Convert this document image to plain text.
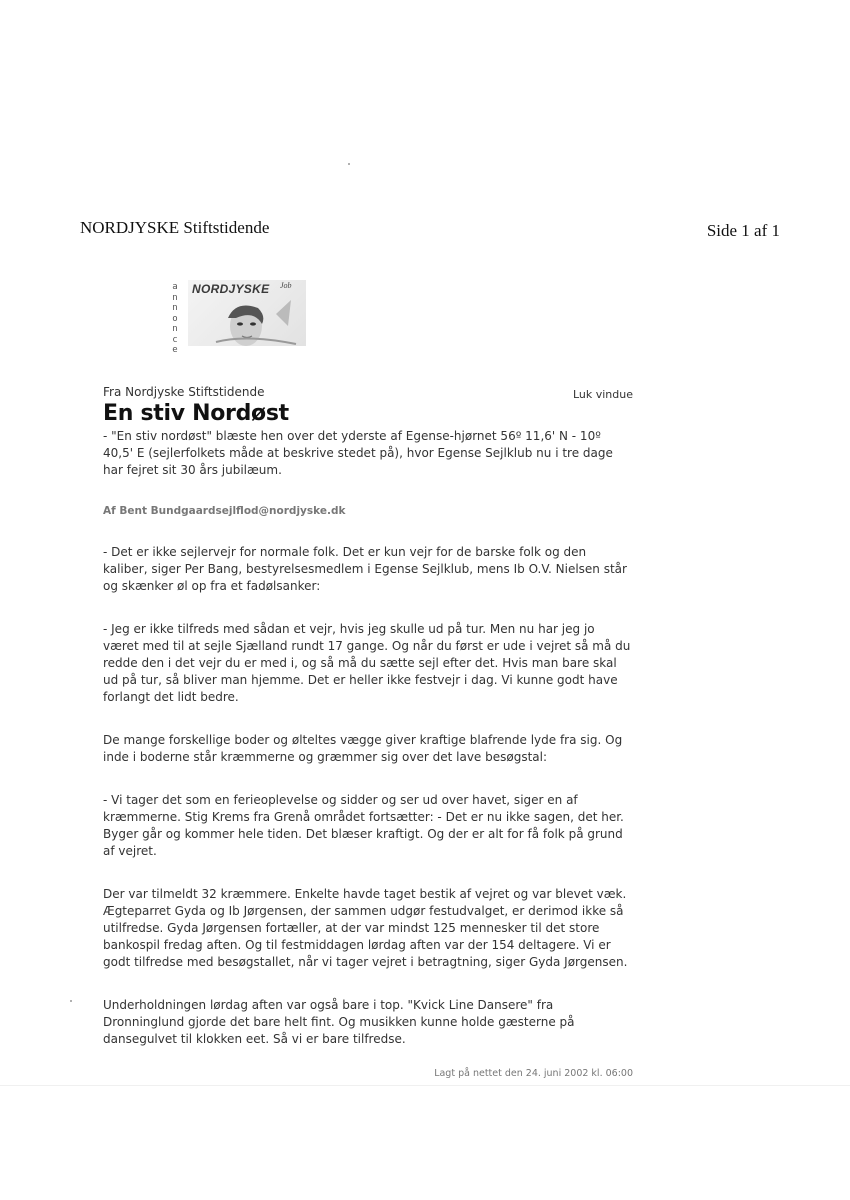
NORDJYSKE Stiftstidende	Side 1 af 1
a
n
n
o
n
c
e
NORDJYSKE Job
Fra Nordjyske Stiftstidende	Luk vindue
En stiv Nordøst

- "En stiv nordøst" blæste hen over det yderste af Egense-hjørnet 56º 11,6' N - 10º 40,5' E (sejlerfolkets måde at beskrive stedet på), hvor Egense Sejlklub nu i tre dage har fejret sit 30 års jubilæum.

Af Bent Bundgaardsejlflod@nordjyske.dk

- Det er ikke sejlervejr for normale folk. Det er kun vejr for de barske folk og den kaliber, siger Per Bang, bestyrelsesmedlem i Egense Sejlklub, mens Ib O.V. Nielsen står og skænker øl op fra et fadølsanker:

- Jeg er ikke tilfreds med sådan et vejr, hvis jeg skulle ud på tur. Men nu har jeg jo været med til at sejle Sjælland rundt 17 gange. Og når du først er ude i vejret så må du redde den i det vejr du er med i, og så må du sætte sejl efter det. Hvis man bare skal ud på tur, så bliver man hjemme. Det er heller ikke festvejr i dag. Vi kunne godt have forlangt det lidt bedre.

De mange forskellige boder og ølteltes vægge giver kraftige blafrende lyde fra sig. Og inde i boderne står kræmmerne og græmmer sig over det lave besøgstal:

- Vi tager det som en ferieoplevelse og sidder og ser ud over havet, siger en af kræmmerne. Stig Krems fra Grenå området fortsætter: - Det er nu ikke sagen, det her. Byger går og kommer hele tiden. Det blæser kraftigt. Og der er alt for få folk på grund af vejret.

Der var tilmeldt 32 kræmmere. Enkelte havde taget bestik af vejret og var blevet væk. Ægteparret Gyda og Ib Jørgensen, der sammen udgør festudvalget, er derimod ikke så utilfredse. Gyda Jørgensen fortæller, at der var mindst 125 mennesker til det store bankospil fredag aften. Og til festmiddagen lørdag aften var der 154 deltagere. Vi er godt tilfredse med besøgstallet, når vi tager vejret i betragtning, siger Gyda Jørgensen.

Underholdningen lørdag aften var også bare i top. "Kvick Line Dansere" fra Dronninglund gjorde det bare helt fint. Og musikken kunne holde gæsterne på dansegulvet til klokken eet. Så vi er bare tilfredse.

Lagt på nettet den 24. juni 2002 kl. 06:00
